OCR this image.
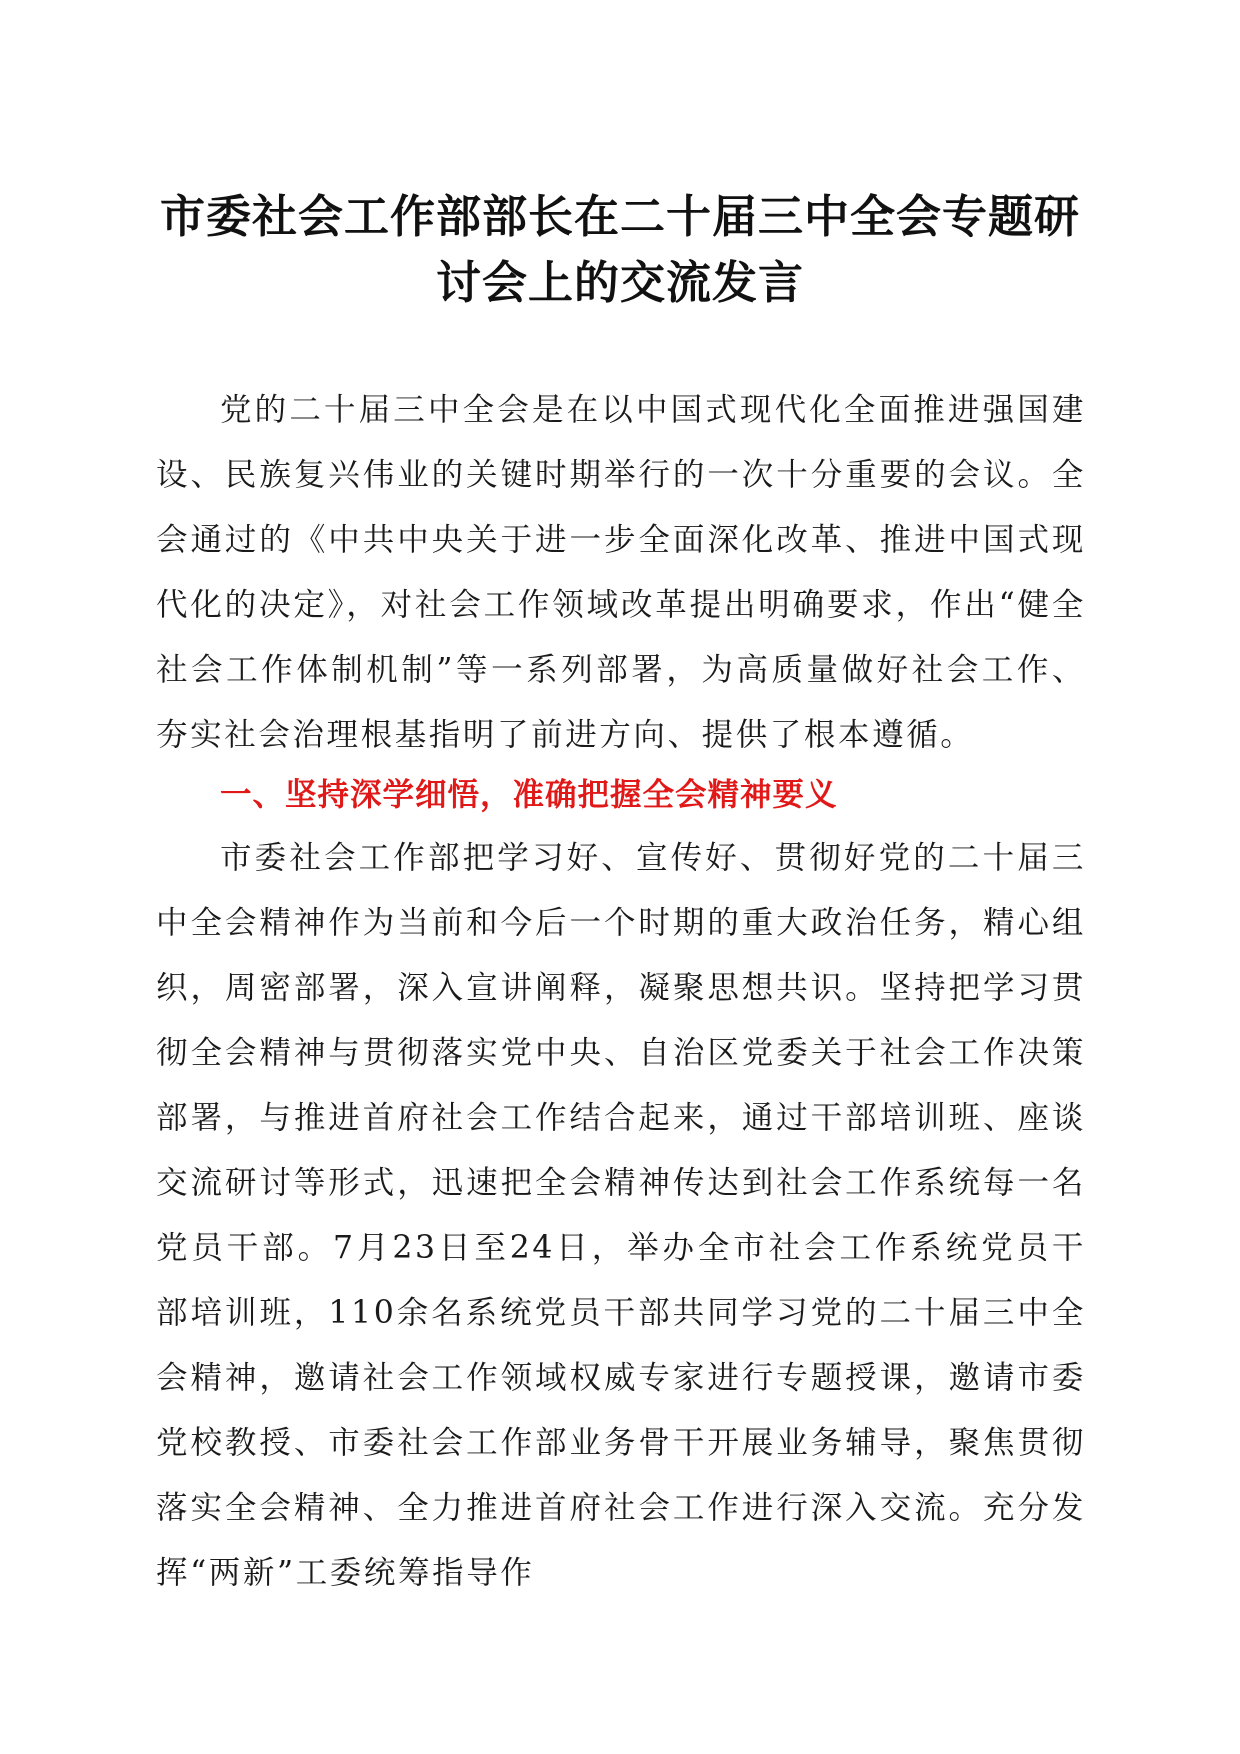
市委社会工作部部长在二十届三中全会专题研
讨会上的交流发言

党的二十届三中全会是在以中国式现代化全面推进强国建设、民族复兴伟业的关键时期举行的一次十分重要的会议。全会通过的《中共中央关于进一步全面深化改革、推进中国式现代化的决定》，对社会工作领域改革提出明确要求，作出“健全社会工作体制机制”等一系列部署，为高质量做好社会工作、夯实社会治理根基指明了前进方向、提供了根本遵循。

一、坚持深学细悟，准确把握全会精神要义

市委社会工作部把学习好、宣传好、贯彻好党的二十届三中全会精神作为当前和今后一个时期的重大政治任务，精心组织，周密部署，深入宣讲阐释，凝聚思想共识。坚持把学习贯彻全会精神与贯彻落实党中央、自治区党委关于社会工作决策部署，与推进首府社会工作结合起来，通过干部培训班、座谈交流研讨等形式，迅速把全会精神传达到社会工作系统每一名党员干部。7月23日至24日，举办全市社会工作系统党员干部培训班，110余名系统党员干部共同学习党的二十届三中全会精神，邀请社会工作领域权威专家进行专题授课，邀请市委党校教授、市委社会工作部业务骨干开展业务辅导，聚焦贯彻落实全会精神、全力推进首府社会工作进行深入交流。充分发挥“两新”工委统筹指导作
